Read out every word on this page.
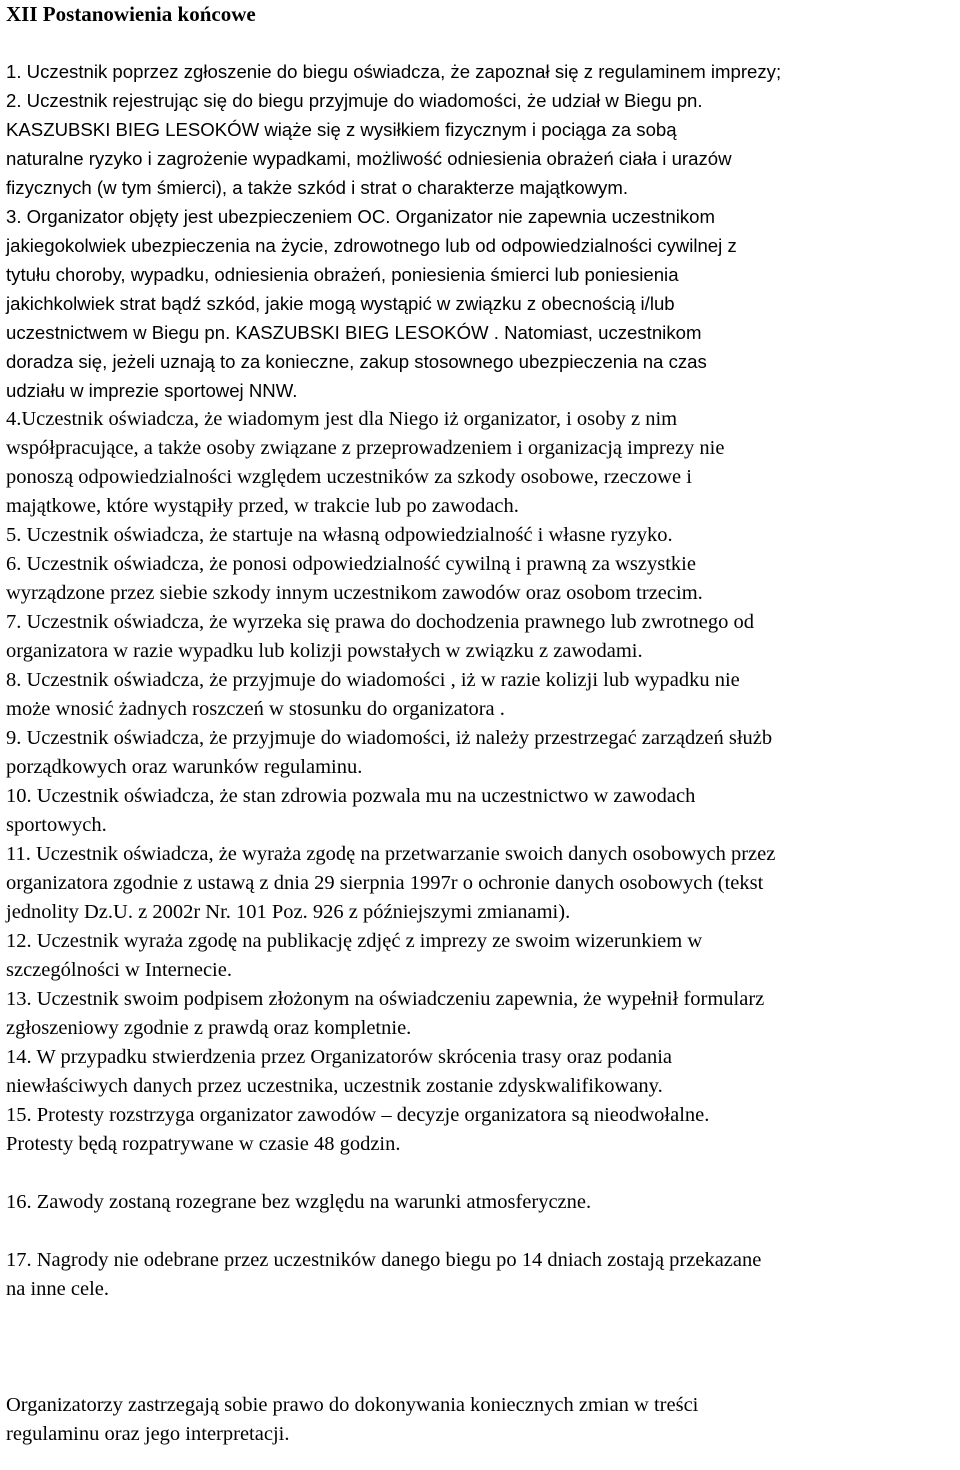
XII Postanowienia końcowe
1. Uczestnik poprzez zgłoszenie do biegu oświadcza, że zapoznał się z regulaminem imprezy;
2. Uczestnik rejestrując się do biegu przyjmuje do wiadomości, że udział w Biegu pn.
KASZUBSKI BIEG LESOKÓW wiąże się z wysiłkiem fizycznym i pociąga za sobą
naturalne ryzyko i zagrożenie wypadkami, możliwość odniesienia obrażeń ciała i urazów
fizycznych (w tym śmierci), a także szkód i strat o charakterze majątkowym.
3. Organizator objęty jest ubezpieczeniem OC. Organizator nie zapewnia uczestnikom
jakiegokolwiek ubezpieczenia na życie, zdrowotnego lub od odpowiedzialności cywilnej z
tytułu choroby, wypadku, odniesienia obrażeń, poniesienia śmierci lub poniesienia
jakichkolwiek strat bądź szkód, jakie mogą wystąpić w związku z obecnością i/lub
uczestnictwem w Biegu pn. KASZUBSKI BIEG LESOKÓW . Natomiast, uczestnikom
doradza się, jeżeli uznają to za konieczne, zakup stosownego ubezpieczenia na czas
udziału w imprezie sportowej NNW.
4.Uczestnik oświadcza, że wiadomym jest dla Niego iż organizator, i osoby z nim
współpracujące, a także osoby związane z przeprowadzeniem i organizacją imprezy nie
ponoszą odpowiedzialności względem uczestników za szkody osobowe, rzeczowe i
majątkowe, które wystąpiły przed, w trakcie lub po zawodach.
5. Uczestnik oświadcza, że startuje na własną odpowiedzialność i własne ryzyko.
6. Uczestnik oświadcza, że ponosi odpowiedzialność cywilną i prawną za wszystkie
wyrządzone przez siebie szkody innym uczestnikom zawodów oraz osobom trzecim.
7. Uczestnik oświadcza, że wyrzeka się prawa do dochodzenia prawnego lub zwrotnego od
organizatora w razie wypadku lub kolizji powstałych w związku z zawodami.
8. Uczestnik oświadcza, że przyjmuje do wiadomości , iż w razie kolizji lub wypadku nie
może wnosić żadnych roszczeń w stosunku do organizatora .
9. Uczestnik oświadcza, że przyjmuje do wiadomości, iż należy przestrzegać zarządzeń służb
porządkowych oraz warunków regulaminu.
10. Uczestnik oświadcza, że stan zdrowia pozwala mu na uczestnictwo w zawodach
sportowych.
11. Uczestnik oświadcza, że wyraża zgodę na przetwarzanie swoich danych osobowych przez
organizatora zgodnie z ustawą z dnia 29 sierpnia 1997r o ochronie danych osobowych (tekst
jednolity Dz.U. z 2002r Nr. 101 Poz. 926 z późniejszymi zmianami).
12. Uczestnik wyraża zgodę na publikację zdjęć z imprezy ze swoim wizerunkiem w
szczególności w Internecie.
13. Uczestnik swoim podpisem złożonym na oświadczeniu zapewnia, że wypełnił formularz
zgłoszeniowy zgodnie z prawdą oraz kompletnie.
14. W przypadku stwierdzenia przez Organizatorów skrócenia trasy oraz podania
niewłaściwych danych przez uczestnika, uczestnik zostanie zdyskwalifikowany.
15. Protesty rozstrzyga organizator zawodów – decyzje organizatora są nieodwołalne.
Protesty będą rozpatrywane w czasie 48 godzin.
16. Zawody zostaną rozegrane bez względu na warunki atmosferyczne.
17. Nagrody nie odebrane przez uczestników danego biegu po 14 dniach zostają przekazane
na inne cele.
Organizatorzy zastrzegają sobie prawo do dokonywania koniecznych zmian w treści
regulaminu oraz jego interpretacji.
